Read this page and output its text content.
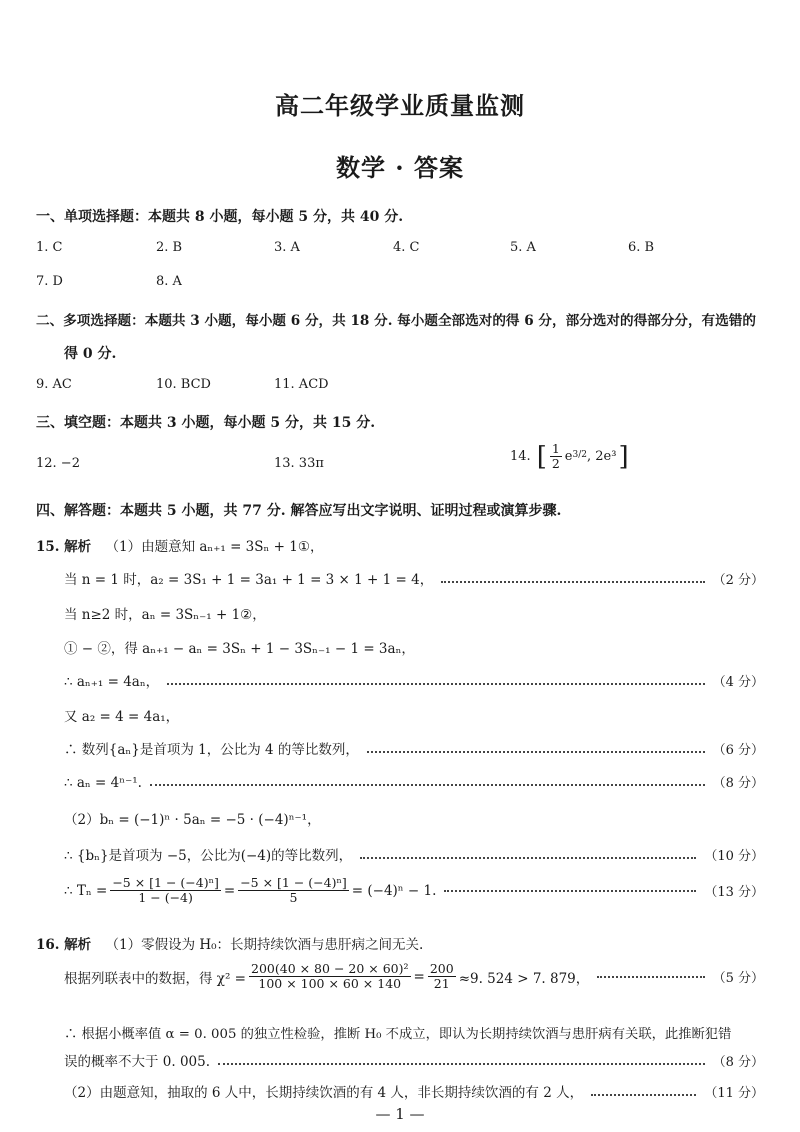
高二年级学业质量监测
数学 · 答案
一、单项选择题：本题共 8 小题，每小题 5 分，共 40 分.
1. C	2. B	3. A	4. C	5. A	6. B
7. D	8. A
二、多项选择题：本题共 3 小题，每小题 6 分，共 18 分. 每小题全部选对的得 6 分，部分选对的得部分分，有选错的
得 0 分.
9. AC	10. BCD	11. ACD
三、填空题：本题共 3 小题，每小题 5 分，共 15 分.
12. −2	13. 33π	14. [ $\frac{1}{2} e^{3/2}$ , 2e³ ]
四、解答题：本题共 5 小题，共 77 分. 解答应写出文字说明、证明过程或演算步骤.
15. 解析 （1）由题意知 aₙ₊₁ = 3Sₙ + 1①，
当 n = 1 时，a₂ = 3S₁ + 1 = 3a₁ + 1 = 3 × 1 + 1 = 4，	（2 分）
当 n≥2 时，aₙ = 3Sₙ₋₁ + 1②，
① − ②，得 aₙ₊₁ − aₙ = 3Sₙ + 1 − 3Sₙ₋₁ − 1 = 3aₙ，
∴ aₙ₊₁ = 4aₙ，	（4 分）
又 a₂ = 4 = 4a₁，
∴ 数列{aₙ}是首项为 1，公比为 4 的等比数列，	（6 分）
∴ aₙ = 4ⁿ⁻¹.	（8 分）
（2）bₙ = (−1)ⁿ · 5aₙ = −5 · (−4)ⁿ⁻¹，
∴ {bₙ}是首项为 −5，公比为(−4)的等比数列，	（10 分）
∴ $T_n = \frac{\text{−5 × [1 − (−4)ⁿ]}}{1 - (-4)} = \frac{\text{−5 × [1 − (−4)ⁿ]}}{5} = (-4)^n - 1$.	（13 分）
16. 解析 （1）零假设为 H₀：长期持续饮酒与患肝病之间无关.
根据列联表中的数据，得 $\chi^2 = \frac{\text{200(40 × 80 − 20 × 60)²}}{100 \times 100 \times 60 \times 140} = \frac{200}{21} \approx 9$. 524 > 7. 879，	（5 分）
∴ 根据小概率值 α = 0. 005 的独立性检验，推断 H₀ 不成立，即认为长期持续饮酒与患肝病有关联，此推断犯错
误的概率不大于 0. 005.	（8 分）
（2）由题意知，抽取的 6 人中，长期持续饮酒的有 4 人，非长期持续饮酒的有 2 人，	（11 分）
— 1 —
